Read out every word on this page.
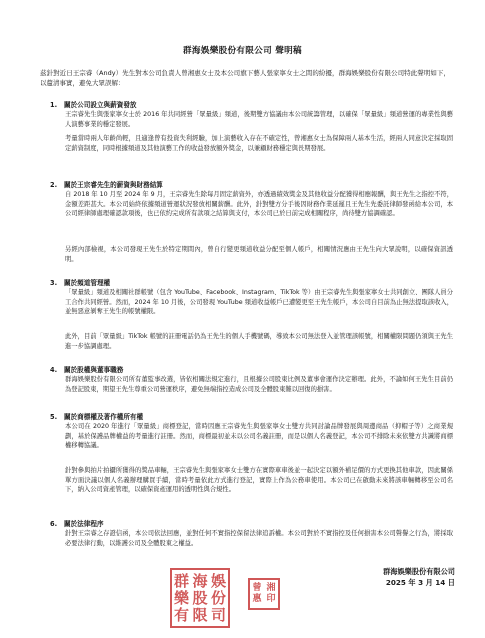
群海娛樂股份有限公司 聲明稿
茲針對近日王宗睿（Andy）先生對本公司負責人曾湘惠女士及本公司旗下藝人張家寧女士之間的紛擾，群海娛樂股份有限公司特此聲明如下，以釐清事實，避免大眾誤解：
1. 關於公司設立與薪資發放
王宗睿先生與張家寧女士於 2016 年共同經營「眾量級」頻道，後期雙方協議由本公司統籌管理，以確保「眾量級」頻道營運的專業性與藝人演藝事業的穩定發展。
考量當時兩人年齡尚輕，且適逢曾有投資失利經驗，加上演藝收入存在不確定性，曾湘惠女士為保障兩人基本生活，經兩人同意決定採取固定薪資制度，同時根據頻道及其他演藝工作的收益發放額外獎金，以兼顧財務穩定與長期發展。
2. 關於王宗睿先生的薪資與財務結算
自 2018 年 10 月至 2024 年 9 月，王宗睿先生除每月固定薪資外，亦透過績效獎金及其他收益分配獲得相應報酬，與王先生之指控不符，金額差距甚大。本公司始終依據頻道營運狀況發放相關薪酬。此外，針對雙方分手後因財務作業延遲且王先生先委託律師發函給本公司，本公司經律師處理確認款項後，也已依約完成所有款項之結算與支付，本公司已於日前完成相關程序，尚待雙方協調確認。
另經內部檢視，本公司發現王先生於特定期間內，曾自行變更頻道收益分配至個人帳戶，相關情況應由王先生向大眾說明，以確保資訊透明。
3. 關於頻道管理權
「眾量級」頻道及相關社群帳號（包含 YouTube、Facebook、Instagram、TikTok 等）由王宗睿先生與張家寧女士共同創立、團隊人員分工合作共同經營。然而，2024 年 10 月後，公司發現 YouTube 頻道收益帳戶已遭變更至王先生帳戶，本公司自目前為止無法提取該收入，並無惡意剝奪王先生的帳號權限。
此外，目前「眾量級」TikTok 帳號的註冊電話仍為王先生的個人手機號碼，導致本公司無法登入並管理該帳號，相關權限問題仍須與王先生進一步協調處理。
4. 關於股權與董事職務
群海娛樂股份有限公司所有董監事改選，皆依相關法規定進行，且根據公司股東比例及董事會運作決定辦理。此外，不論如何王先生目前仍為登記股東，期望王先生尊重公司營運秩序，避免無端指控造成公司及全體股東難以回復的損害。
5. 關於商標權及著作權所有權
本公司在 2020 年進行「眾量級」商標登記，當時因應王宗睿先生與張家寧女士雙方共同討論品牌發展與周邊商品（抑帽子等）之商業規劃，基於保護品牌權益的考量進行註冊。然而，商標最初並未以公司名義註冊，而是以個人名義登記，本公司不排除未來依雙方共識將商標權移轉協議。
針對參與拍片拍攝所獲得的獎品車輛，王宗睿先生與張家寧女士雙方在實際車車後並一起決定以額外補足價的方式更換其他車款，因此關係單方面決議以個人名義辦理購買手續，當時考量依此方式進行登記，實際上作為公務車使用。本公司已在啟動未來將該車輛轉移至公司名下，納入公司資產管理，以確保資產運用的透明性與合規性。
6. 關於法律程序
針對王宗睿之存證信函，本公司依法回應，並對任何不實指控保留法律追訴權。本公司對於不實指控及任何損害本公司聲譽之行為，將採取必要法律行動，以維護公司及全體股東之權益。
群 海 娛
樂 股 份
有 限 司
曾 湘
惠 印
群海娛樂股份有限公司
2025 年 3 月 14 日
